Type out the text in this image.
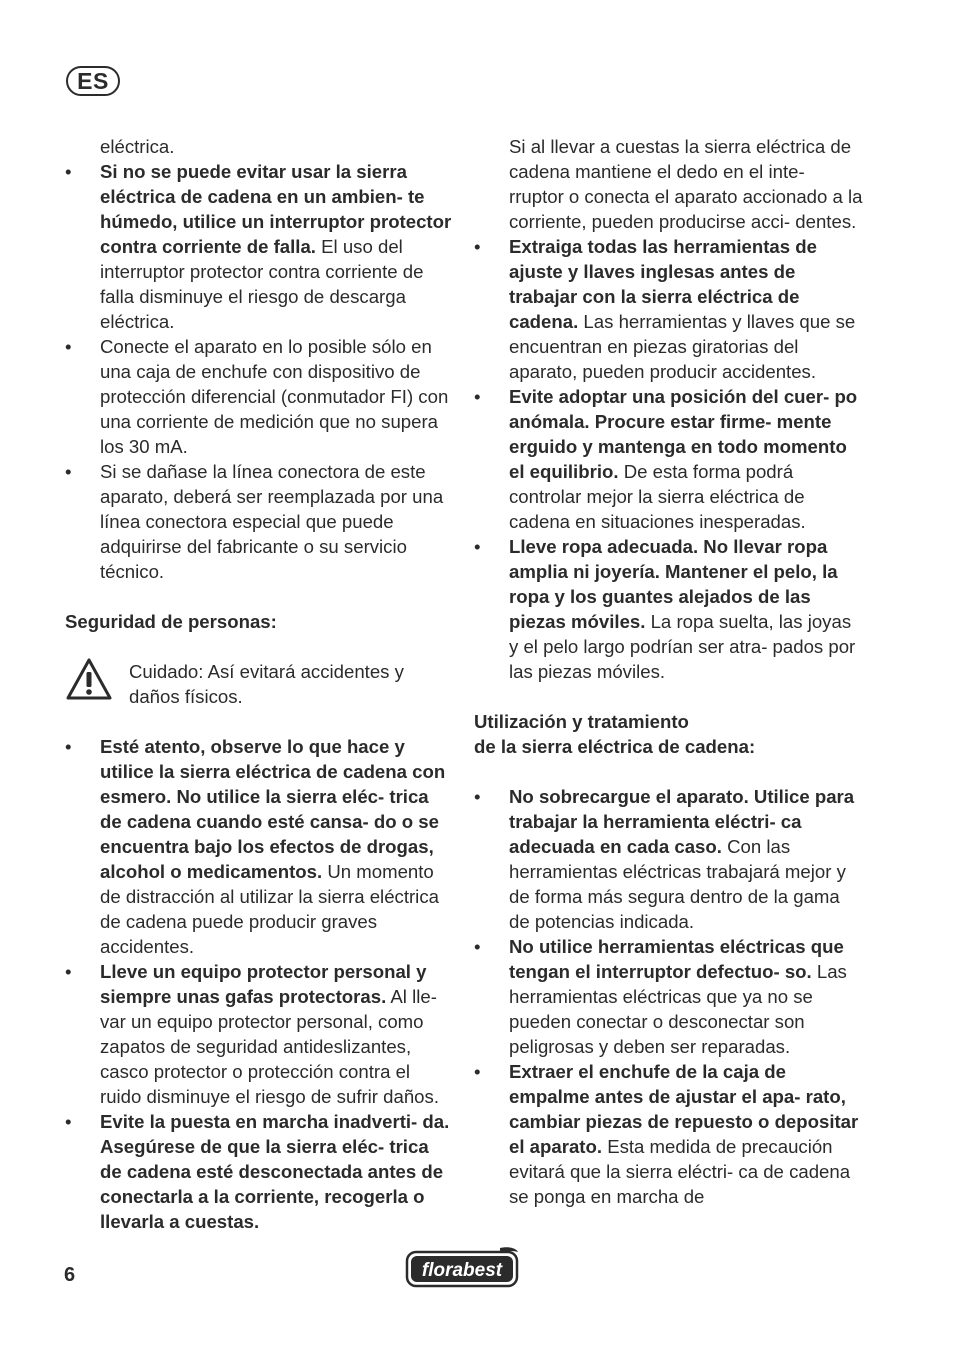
ES
eléctrica.
• Si no se puede evitar usar la sierra eléctrica de cadena en un ambien- te húmedo, utilice un interruptor protector contra corriente de falla. El uso del interruptor protector contra corriente de falla disminuye el riesgo de descarga eléctrica.
• Conecte el aparato en lo posible sólo en una caja de enchufe con dispositivo de protección diferencial (conmutador FI) con una corriente de medición que no supera los 30 mA.
• Si se dañase la línea conectora de este aparato, deberá ser reemplazada por una línea conectora especial que puede adquirirse del fabricante o su servicio técnico.
Seguridad de personas:
Cuidado: Así evitará accidentes y daños físicos.
• Esté atento, observe lo que hace y utilice la sierra eléctrica de cadena con esmero. No utilice la sierra eléc- trica de cadena cuando esté cansa- do o se encuentra bajo los efectos de drogas, alcohol o medicamentos. Un momento de distracción al utilizar la sierra eléctrica de cadena puede producir graves accidentes.
• Lleve un equipo protector personal y siempre unas gafas protectoras. Al lle- var un equipo protector personal, como zapatos de seguridad antideslizantes, casco protector o protección contra el ruido disminuye el riesgo de sufrir daños.
• Evite la puesta en marcha inadverti- da. Asegúrese de que la sierra eléc- trica de cadena esté desconectada antes de conectarla a la corriente, recogerla o llevarla a cuestas.
Si al llevar a cuestas la sierra eléctrica de cadena mantiene el dedo en el inte- rruptor o conecta el aparato accionado a la corriente, pueden producirse acci- dentes.
• Extraiga todas las herramientas de ajuste y llaves inglesas antes de trabajar con la sierra eléctrica de cadena. Las herramientas y llaves que se encuentran en piezas giratorias del aparato, pueden producir accidentes.
• Evite adoptar una posición del cuer- po anómala. Procure estar firme- mente erguido y mantenga en todo momento el equilibrio. De esta forma podrá controlar mejor la sierra eléctrica de cadena en situaciones inesperadas.
• Lleve ropa adecuada. No llevar ropa amplia ni joyería. Mantener el pelo, la ropa y los guantes alejados de las piezas móviles. La ropa suelta, las joyas y el pelo largo podrían ser atra- pados por las piezas móviles.
Utilización y tratamiento
de la sierra eléctrica de cadena:
• No sobrecargue el aparato. Utilice para trabajar la herramienta eléctri- ca adecuada en cada caso. Con las herramientas eléctricas trabajará mejor y de forma más segura dentro de la gama de potencias indicada.
• No utilice herramientas eléctricas que tengan el interruptor defectuo- so. Las herramientas eléctricas que ya no se pueden conectar o desconectar son peligrosas y deben ser reparadas.
• Extraer el enchufe de la caja de empalme antes de ajustar el apa- rato, cambiar piezas de repuesto o depositar el aparato. Esta medida de precaución evitará que la sierra eléctri- ca de cadena se ponga en marcha de
6	florabest
